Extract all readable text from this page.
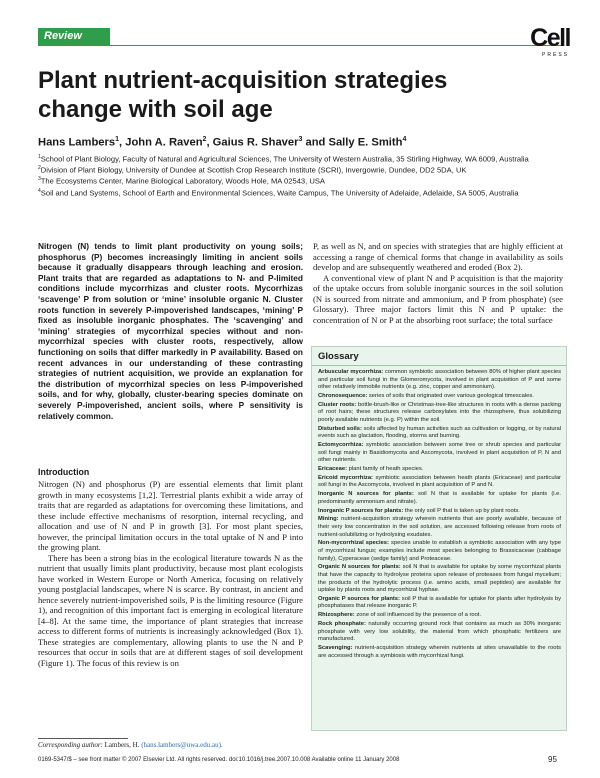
Review	Cell
PRESS
Plant nutrient-acquisition strategies change with soil age
Hans Lambers$^1$, John A. Raven$^2$, Gaius R. Shaver$^3$ and Sally E. Smith$^4$

$^1$School of Plant Biology, Faculty of Natural and Agricultural Sciences, The University of Western Australia, 35 Stirling Highway, WA 6009, Australia

$^2$Division of Plant Biology, University of Dundee at Scottish Crop Research Institute (SCRI), Invergowrie, Dundee, DD2 5DA, UK

$^3$The Ecosystems Center, Marine Biological Laboratory, Woods Hole, MA 02543, USA

$^4$Soil and Land Systems, School of Earth and Environmental Sciences, Waite Campus, The University of Adelaide, Adelaide, SA 5005, Australia

Nitrogen (N) tends to limit plant productivity on young soils; phosphorus (P) becomes increasingly limiting in ancient soils because it gradually disappears through leaching and erosion. Plant traits that are regarded as adaptations to N- and P-limited conditions include mycorrhizas and cluster roots. Mycorrhizas ‘scavenge’ P from solution or ‘mine’ insoluble organic N. Cluster roots function in severely P-impoverished landscapes, ‘mining’ P fixed as insoluble inorganic phosphates. The ‘scavenging’ and ‘mining’ strategies of mycorrhizal species without and non-mycorrhizal species with cluster roots, respectively, allow functioning on soils that differ markedly in P availability. Based on recent advances in our understanding of these contrasting strategies of nutrient acquisition, we provide an explanation for the distribution of mycorrhizal species on less P-impoverished soils, and for why, globally, cluster-bearing species dominate on severely P-impoverished, ancient soils, where P sensitivity is relatively common.
Introduction

Nitrogen (N) and phosphorus (P) are essential elements that limit plant growth in many ecosystems [1,2]. Terrestrial plants exhibit a wide array of traits that are regarded as adaptations for overcoming these limitations, and these include effective mechanisms of resorption, internal recycling, and allocation and use of N and P in growth [3]. For most plant species, however, the principal limitation occurs in the total uptake of N and P into the growing plant.

There has been a strong bias in the ecological literature towards N as the nutrient that usually limits plant productivity, because most plant ecologists have worked in Western Europe or North America, focusing on relatively young postglacial landscapes, where N is scarce. By contrast, in ancient and hence severely nutrient-impoverished soils, P is the limiting resource (Figure 1), and recognition of this important fact is emerging in ecological literature [4–8]. At the same time, the importance of plant strategies that increase access to different forms of nutrients is increasingly acknowledged (Box 1). These strategies are complementary, allowing plants to use the N and P resources that occur in soils that are at different stages of soil development (Figure 1). The focus of this review is on

P, as well as N, and on species with strategies that are highly efficient at accessing a range of chemical forms that change in availability as soils develop and are subsequently weathered and eroded (Box 2).

A conventional view of plant N and P acquisition is that the majority of the uptake occurs from soluble inorganic sources in the soil solution (N is sourced from nitrate and ammonium, and P from phosphate) (see Glossary). Three major factors limit this N and P uptake: the concentration of N or P at the absorbing root surface; the total surface

Glossary

Arbuscular mycorrhiza: common symbiotic association between 80% of higher plant species and particular soil fungi in the Glomeromycota, involved in plant acquisition of P and some other relatively immobile nutrients (e.g. zinc, copper and ammonium).

Chronosequence: series of soils that originated over various geological timescales.

Cluster roots: bottle-brush-like or Christmas-tree-like structures in roots with a dense packing of root hairs; these structures release carboxylates into the rhizosphere, thus solubilizing poorly available nutrients (e.g. P) within the soil.

Disturbed soils: soils affected by human activities such as cultivation or logging, or by natural events such as glaciation, flooding, storms and burning.

Ectomycorrhiza: symbiotic association between some tree or shrub species and particular soil fungi mainly in Basidiomycota and Ascomycota, involved in plant acquisition of P, N and other nutrients.

Ericaceae: plant family of heath species.

Ericoid mycorrhiza: symbiotic association between heath plants (Ericaceae) and particular soil fungi in the Ascomycota, involved in plant acquisition of P and N.

Inorganic N sources for plants: soil N that is available for uptake for plants (i.e. predominantly ammonium and nitrate).

Inorganic P sources for plants: the only soil P that is taken up by plant roots.

Mining: nutrient-acquisition strategy wherein nutrients that are poorly available, because of their very low concentration in the soil solution, are accessed following release from roots of nutrient-solubilizing or hydrolysing exudates.

Non-mycorrhizal species: species unable to establish a symbiotic association with any type of mycorrhizal fungus; examples include most species belonging to Brassicaceae (cabbage family), Cyperaceae (sedge family) and Proteaceae.

Organic N sources for plants: soil N that is available for uptake by some mycorrhizal plants that have the capacity to hydrolyse proteins upon release of proteases from fungal mycelium; the products of the hydrolytic process (i.e. amino acids, small peptides) are available for uptake by plants roots and mycorrhizal hyphae.

Organic P sources for plants: soil P that is available for uptake for plants after hydrolysis by phosphatases that release inorganic P.

Rhizosphere: zone of soil influenced by the presence of a root.

Rock phosphate: naturally occurring ground rock that contains as much as 30% inorganic phosphate with very low solubility, the material from which phosphatic fertilizers are manufactured.

Scavenging: nutrient-acquisition strategy wherein nutrients at sites unavailable to the roots are accessed through a symbiosis with mycorrhizal fungi.

Corresponding author: Lambers, H. (hans.lambers@uwa.edu.au).
0169-5347/$ – see front matter © 2007 Elsevier Ltd. All rights reserved. doi:10.1016/j.tree.2007.10.008 Available online 11 January 2008	95
